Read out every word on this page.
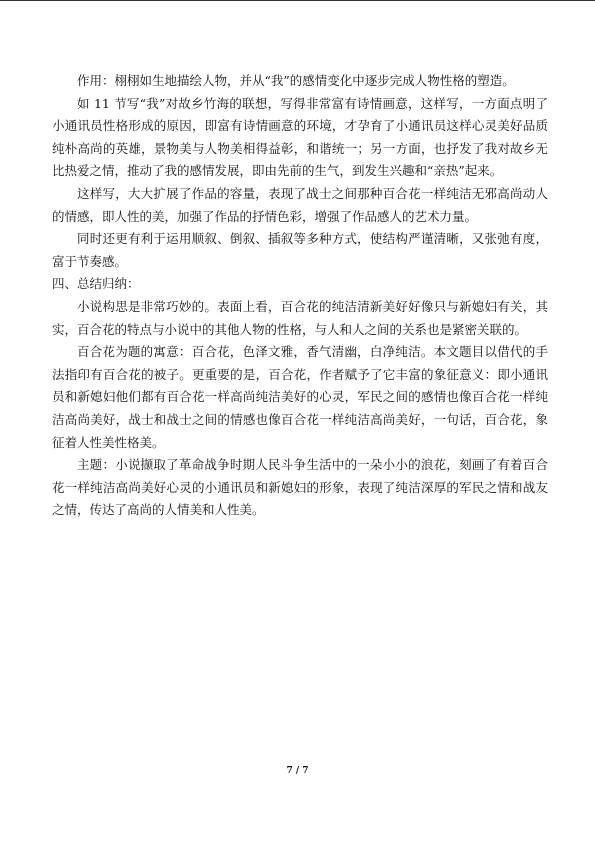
作用：栩栩如生地描绘人物，并从“我”的感情变化中逐步完成人物性格的塑造。

如 11 节写“我”对故乡竹海的联想，写得非常富有诗情画意，这样写，一方面点明了小通讯员性格形成的原因，即富有诗情画意的环境，才孕育了小通讯员这样心灵美好品质纯朴高尚的英雄，景物美与人物美相得益彰，和谐统一；另一方面，也抒发了我对故乡无比热爱之情，推动了我的感情发展，即由先前的生气，到发生兴趣和“亲热”起来。

这样写，大大扩展了作品的容量，表现了战士之间那种百合花一样纯洁无邪高尚动人的情感，即人性的美，加强了作品的抒情色彩，增强了作品感人的艺术力量。

同时还更有利于运用顺叙、倒叙、插叙等多种方式，使结构严谨清晰，又张弛有度，富于节奏感。

四、总结归纳：

小说构思是非常巧妙的。表面上看，百合花的纯洁清新美好好像只与新媳妇有关，其实，百合花的特点与小说中的其他人物的性格，与人和人之间的关系也是紧密关联的。

百合花为题的寓意：百合花，色泽文雅，香气清幽，白净纯洁。本文题目以借代的手法指印有百合花的被子。更重要的是，百合花，作者赋予了它丰富的象征意义：即小通讯员和新媳妇他们都有百合花一样高尚纯洁美好的心灵，军民之间的感情也像百合花一样纯洁高尚美好，战士和战士之间的情感也像百合花一样纯洁高尚美好，一句话，百合花，象征着人性美性格美。

主题：小说撷取了革命战争时期人民斗争生活中的一朵小小的浪花，刻画了有着百合花一样纯洁高尚美好心灵的小通讯员和新媳妇的形象，表现了纯洁深厚的军民之情和战友之情，传达了高尚的人情美和人性美。

7 / 7
